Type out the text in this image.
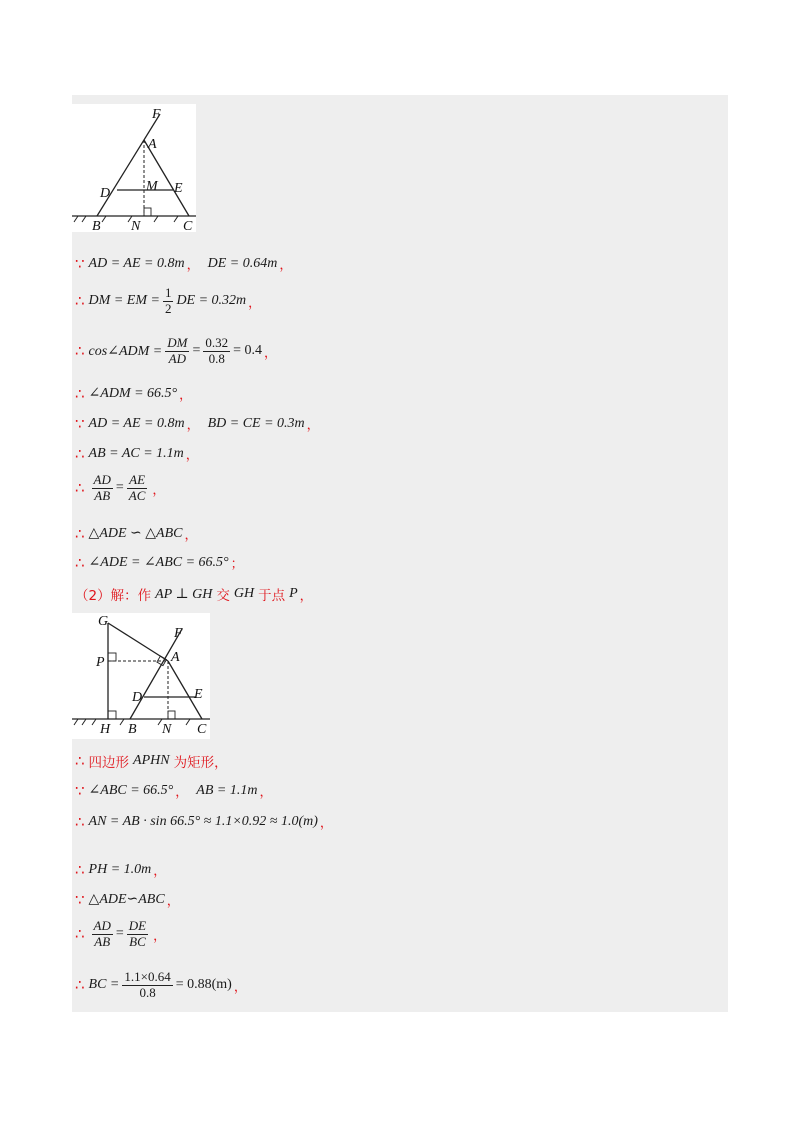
F
A
D	M E
B N	C
∵ AD = AE = 0.8m ， DE = 0.64m ，
∴ DM = EM = $\frac{1}{2}$ DE = 0.32m ，
∴ cos∠ADM = $\frac{DM}{AD} = \frac{0.32}{0.8} = 0.4$ ，
∴ ∠ADM = 66.5° ，
∵ AD = AE = 0.8m ， BD = CE = 0.3m ，
∴ AB = AC = 1.1m ，
∴ $\frac{AD}{AB} = \frac{AE}{AC}$ ，
∴ △ADE ∽ △ABC ，
∴ ∠ADE = ∠ABC = 66.5° ；
（2）解：作 AP ⊥ GH 交 GH 于点 P ，
G
F
P	A
D	E
H B N C
∴ 四边形 APHN 为矩形，
∵ ∠ABC = 66.5° ， AB = 1.1m ，
∴ AN = AB · sin 66.5° ≈ 1.1×0.92 ≈ 1.0(m) ，
∴ PH = 1.0m ，
∵ △ADE∽ABC ，
∴ $\frac{AD}{AB} = \frac{DE}{BC}$ ，
∴ BC = $\frac{1.1\times 0.64}{0.8} = 0.88(m)$ ，
